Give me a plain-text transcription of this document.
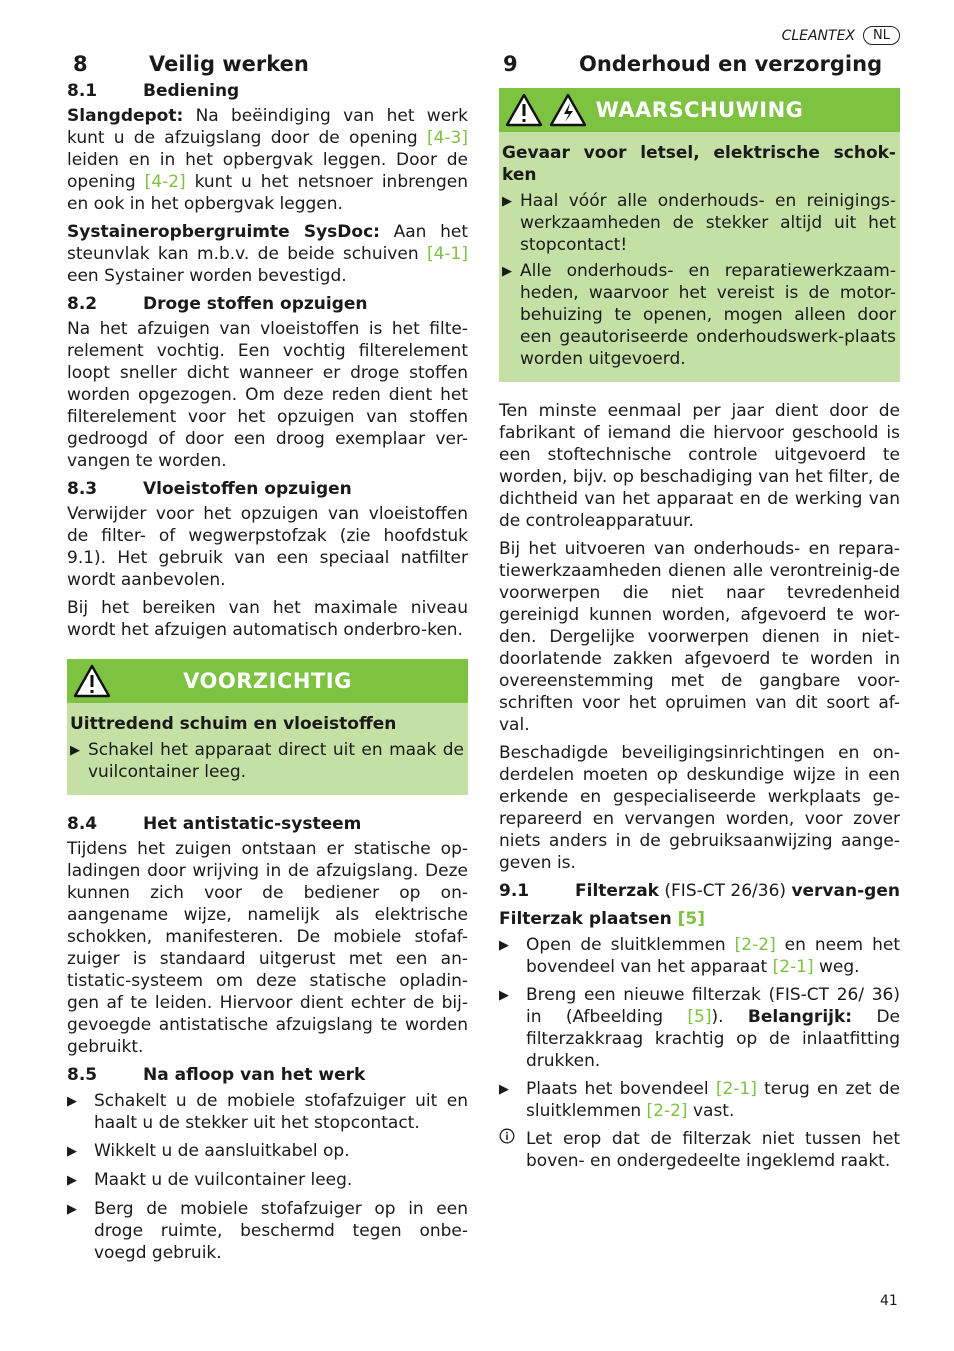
CLEANTEX	NL
8	Veilig werken
8.1	Bediening

Slangdepot: Na beëindiging van het werk kunt u de afzuigslang door de opening [4-3] leiden en in het opbergvak leggen. Door de opening [4-2] kunt u het netsnoer inbrengen en ook in het opbergvak leggen.

Systaineropbergruimte SysDoc: Aan het steunvlak kan m.b.v. de beide schuiven [4-1] een Systainer worden bevestigd.

8.2	Droge stoffen opzuigen

Na het afzuigen van vloeistoffen is het filte-relement vochtig. Een vochtig filterelement loopt sneller dicht wanneer er droge stoffen worden opgezogen. Om deze reden dient het filterelement voor het opzuigen van stoffen gedroogd of door een droog exemplaar ver-vangen te worden.

8.3	Vloeistoffen opzuigen

Verwijder voor het opzuigen van vloeistoffen de filter- of wegwerpstofzak (zie hoofdstuk 9.1). Het gebruik van een speciaal natfilter wordt aanbevolen.

Bij het bereiken van het maximale niveau wordt het afzuigen automatisch onderbro-ken.

VOORZICHTIG
Uittredend schuim en vloeistoffen
▶ Schakel het apparaat direct uit en maak de vuilcontainer leeg.
8.4	Het antistatic-systeem

Tijdens het zuigen ontstaan er statische op-ladingen door wrijving in de afzuigslang. Deze kunnen zich voor de bediener op on-aangename wijze, namelijk als elektrische schokken, manifesteren. De mobiele stofaf-zuiger is standaard uitgerust met een an-tistatic-systeem om deze statische opladin-gen af te leiden. Hiervoor dient echter de bij-gevoegde antistatische afzuigslang te worden gebruikt.

8.5	Na afloop van het werk
▶	Schakelt u de mobiele stofafzuiger uit en haalt u de stekker uit het stopcontact.
▶	Wikkelt u de aansluitkabel op.
▶	Maakt u de vuilcontainer leeg.
▶	Berg de mobiele stofafzuiger op in een droge ruimte, beschermd tegen onbe-voegd gebruik.
9	Onderhoud en verzorging
WAARSCHUWING
Gevaar voor letsel, elektrische schok-ken
▶ Haal vóór alle onderhouds- en reinigings-werkzaamheden de stekker altijd uit het stopcontact!
▶ Alle onderhouds- en reparatiewerkzaam-heden, waarvoor het vereist is de motor-behuizing te openen, mogen alleen door een geautoriseerde onderhoudswerk-plaats worden uitgevoerd.

Ten minste eenmaal per jaar dient door de fabrikant of iemand die hiervoor geschoold is een stoftechnische controle uitgevoerd te worden, bijv. op beschadiging van het filter, de dichtheid van het apparaat en de werking van de controleapparatuur.

Bij het uitvoeren van onderhouds- en repara-tiewerkzaamheden dienen alle verontreinig-de voorwerpen die niet naar tevredenheid gereinigd kunnen worden, afgevoerd te wor-den. Dergelijke voorwerpen dienen in niet-doorlatende zakken afgevoerd te worden in overeenstemming met de gangbare voor-schriften voor het opruimen van dit soort af-val.

Beschadigde beveiligingsinrichtingen en on-derdelen moeten op deskundige wijze in een erkende en gespecialiseerde werkplaats ge-repareerd en vervangen worden, voor zover niets anders in de gebruiksaanwijzing aange-geven is.

9.1	Filterzak (FIS-CT 26/36) vervan-gen
Filterzak plaatsen [5]
▶	Open de sluitklemmen [2-2] en neem het bovendeel van het apparaat [2-1] weg.
▶	Breng een nieuwe filterzak (FIS-CT 26/ 36) in (Afbeelding [5]). Belangrijk: De filterzakkraag krachtig op de inlaatfitting drukken.
▶	Plaats het bovendeel [2-1] terug en zet de sluitklemmen [2-2] vast.
Let erop dat de filterzak niet tussen het boven- en ondergedeelte ingeklemd raakt.
41
